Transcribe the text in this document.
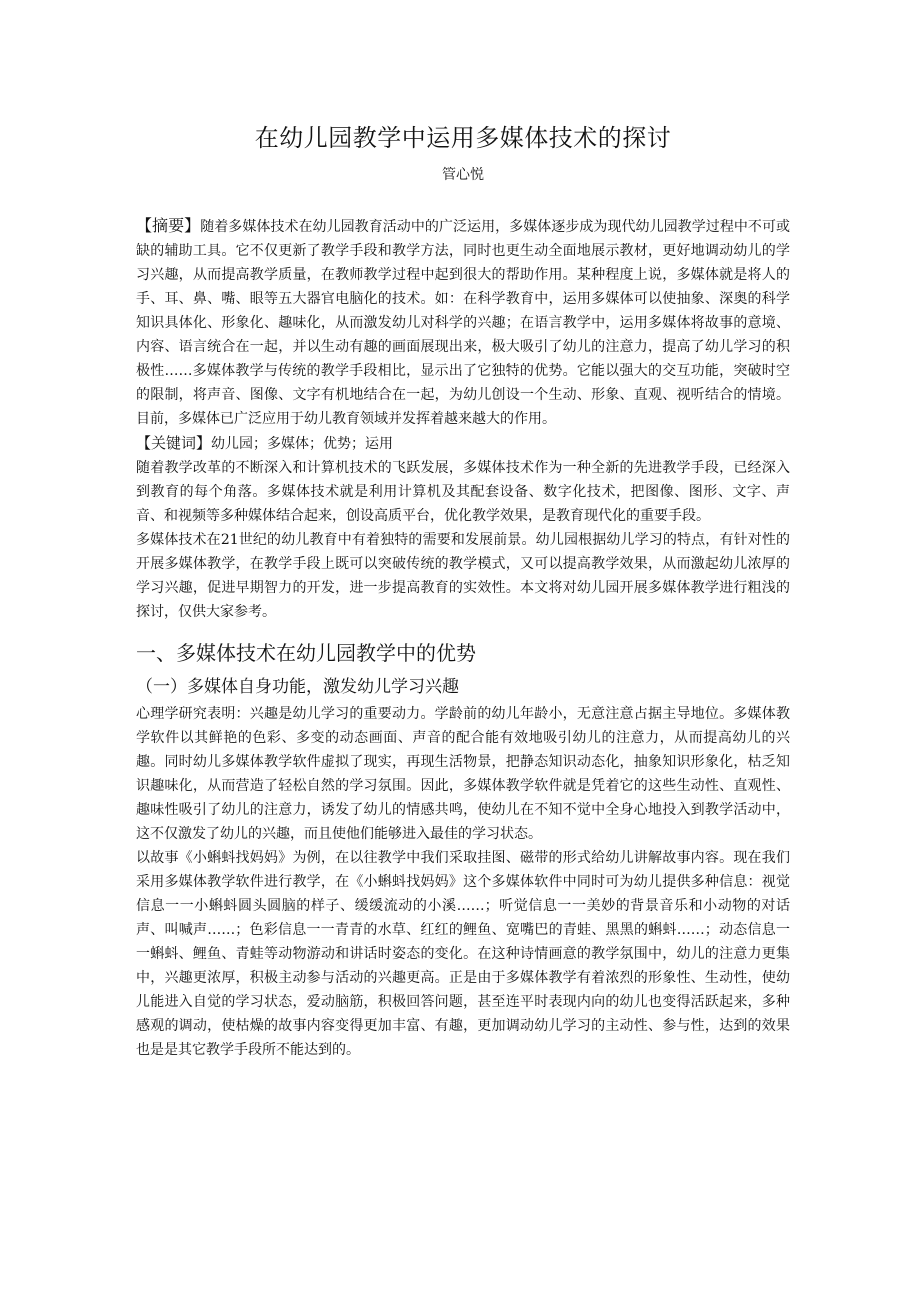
在幼儿园教学中运用多媒体技术的探讨
管心悦

【摘要】随着多媒体技术在幼儿园教育活动中的广泛运用，多媒体逐步成为现代幼儿园教学过程中不可或缺的辅助工具。它不仅更新了教学手段和教学方法，同时也更生动全面地展示教材，更好地调动幼儿的学习兴趣，从而提高教学质量，在教师教学过程中起到很大的帮助作用。某种程度上说，多媒体就是将人的手、耳、鼻、嘴、眼等五大器官电脑化的技术。如：在科学教育中，运用多媒体可以使抽象、深奥的科学知识具体化、形象化、趣味化，从而激发幼儿对科学的兴趣；在语言教学中，运用多媒体将故事的意境、内容、语言统合在一起，并以生动有趣的画面展现出来，极大吸引了幼儿的注意力，提高了幼儿学习的积极性……多媒体教学与传统的教学手段相比，显示出了它独特的优势。它能以强大的交互功能，突破时空的限制，将声音、图像、文字有机地结合在一起，为幼儿创设一个生动、形象、直观、视听结合的情境。目前，多媒体已广泛应用于幼儿教育领域并发挥着越来越大的作用。

【关键词】幼儿园；多媒体；优势；运用

随着教学改革的不断深入和计算机技术的飞跃发展，多媒体技术作为一种全新的先进教学手段，已经深入到教育的每个角落。多媒体技术就是利用计算机及其配套设备、数字化技术，把图像、图形、文字、声音、和视频等多种媒体结合起来，创设高质平台，优化教学效果，是教育现代化的重要手段。

多媒体技术在21世纪的幼儿教育中有着独特的需要和发展前景。幼儿园根据幼儿学习的特点，有针对性的开展多媒体教学，在教学手段上既可以突破传统的教学模式，又可以提高教学效果，从而激起幼儿浓厚的学习兴趣，促进早期智力的开发，进一步提高教育的实效性。本文将对幼儿园开展多媒体教学进行粗浅的探讨，仅供大家参考。

一、多媒体技术在幼儿园教学中的优势
（一）多媒体自身功能，激发幼儿学习兴趣

心理学研究表明：兴趣是幼儿学习的重要动力。学龄前的幼儿年龄小，无意注意占据主导地位。多媒体教学软件以其鲜艳的色彩、多变的动态画面、声音的配合能有效地吸引幼儿的注意力，从而提高幼儿的兴趣。同时幼儿多媒体教学软件虚拟了现实，再现生活物景，把静态知识动态化，抽象知识形象化，枯乏知识趣味化，从而营造了轻松自然的学习氛围。因此，多媒体教学软件就是凭着它的这些生动性、直观性、趣味性吸引了幼儿的注意力，诱发了幼儿的情感共鸣，使幼儿在不知不觉中全身心地投入到教学活动中，这不仅激发了幼儿的兴趣，而且使他们能够进入最佳的学习状态。

以故事《小蝌蚪找妈妈》为例，在以往教学中我们采取挂图、磁带的形式给幼儿讲解故事内容。现在我们采用多媒体教学软件进行教学，在《小蝌蚪找妈妈》这个多媒体软件中同时可为幼儿提供多种信息：视觉信息一一小蝌蚪圆头圆脑的样子、缓缓流动的小溪……；听觉信息一一美妙的背景音乐和小动物的对话声、叫喊声……；色彩信息一一青青的水草、红红的鲤鱼、宽嘴巴的青蛙、黑黑的蝌蚪……；动态信息一一蝌蚪、鲤鱼、青蛙等动物游动和讲话时姿态的变化。在这种诗情画意的教学氛围中，幼儿的注意力更集中，兴趣更浓厚，积极主动参与活动的兴趣更高。正是由于多媒体教学有着浓烈的形象性、生动性，使幼儿能进入自觉的学习状态，爱动脑筋，积极回答问题，甚至连平时表现内向的幼儿也变得活跃起来，多种感观的调动，使枯燥的故事内容变得更加丰富、有趣，更加调动幼儿学习的主动性、参与性，达到的效果也是是其它教学手段所不能达到的。
